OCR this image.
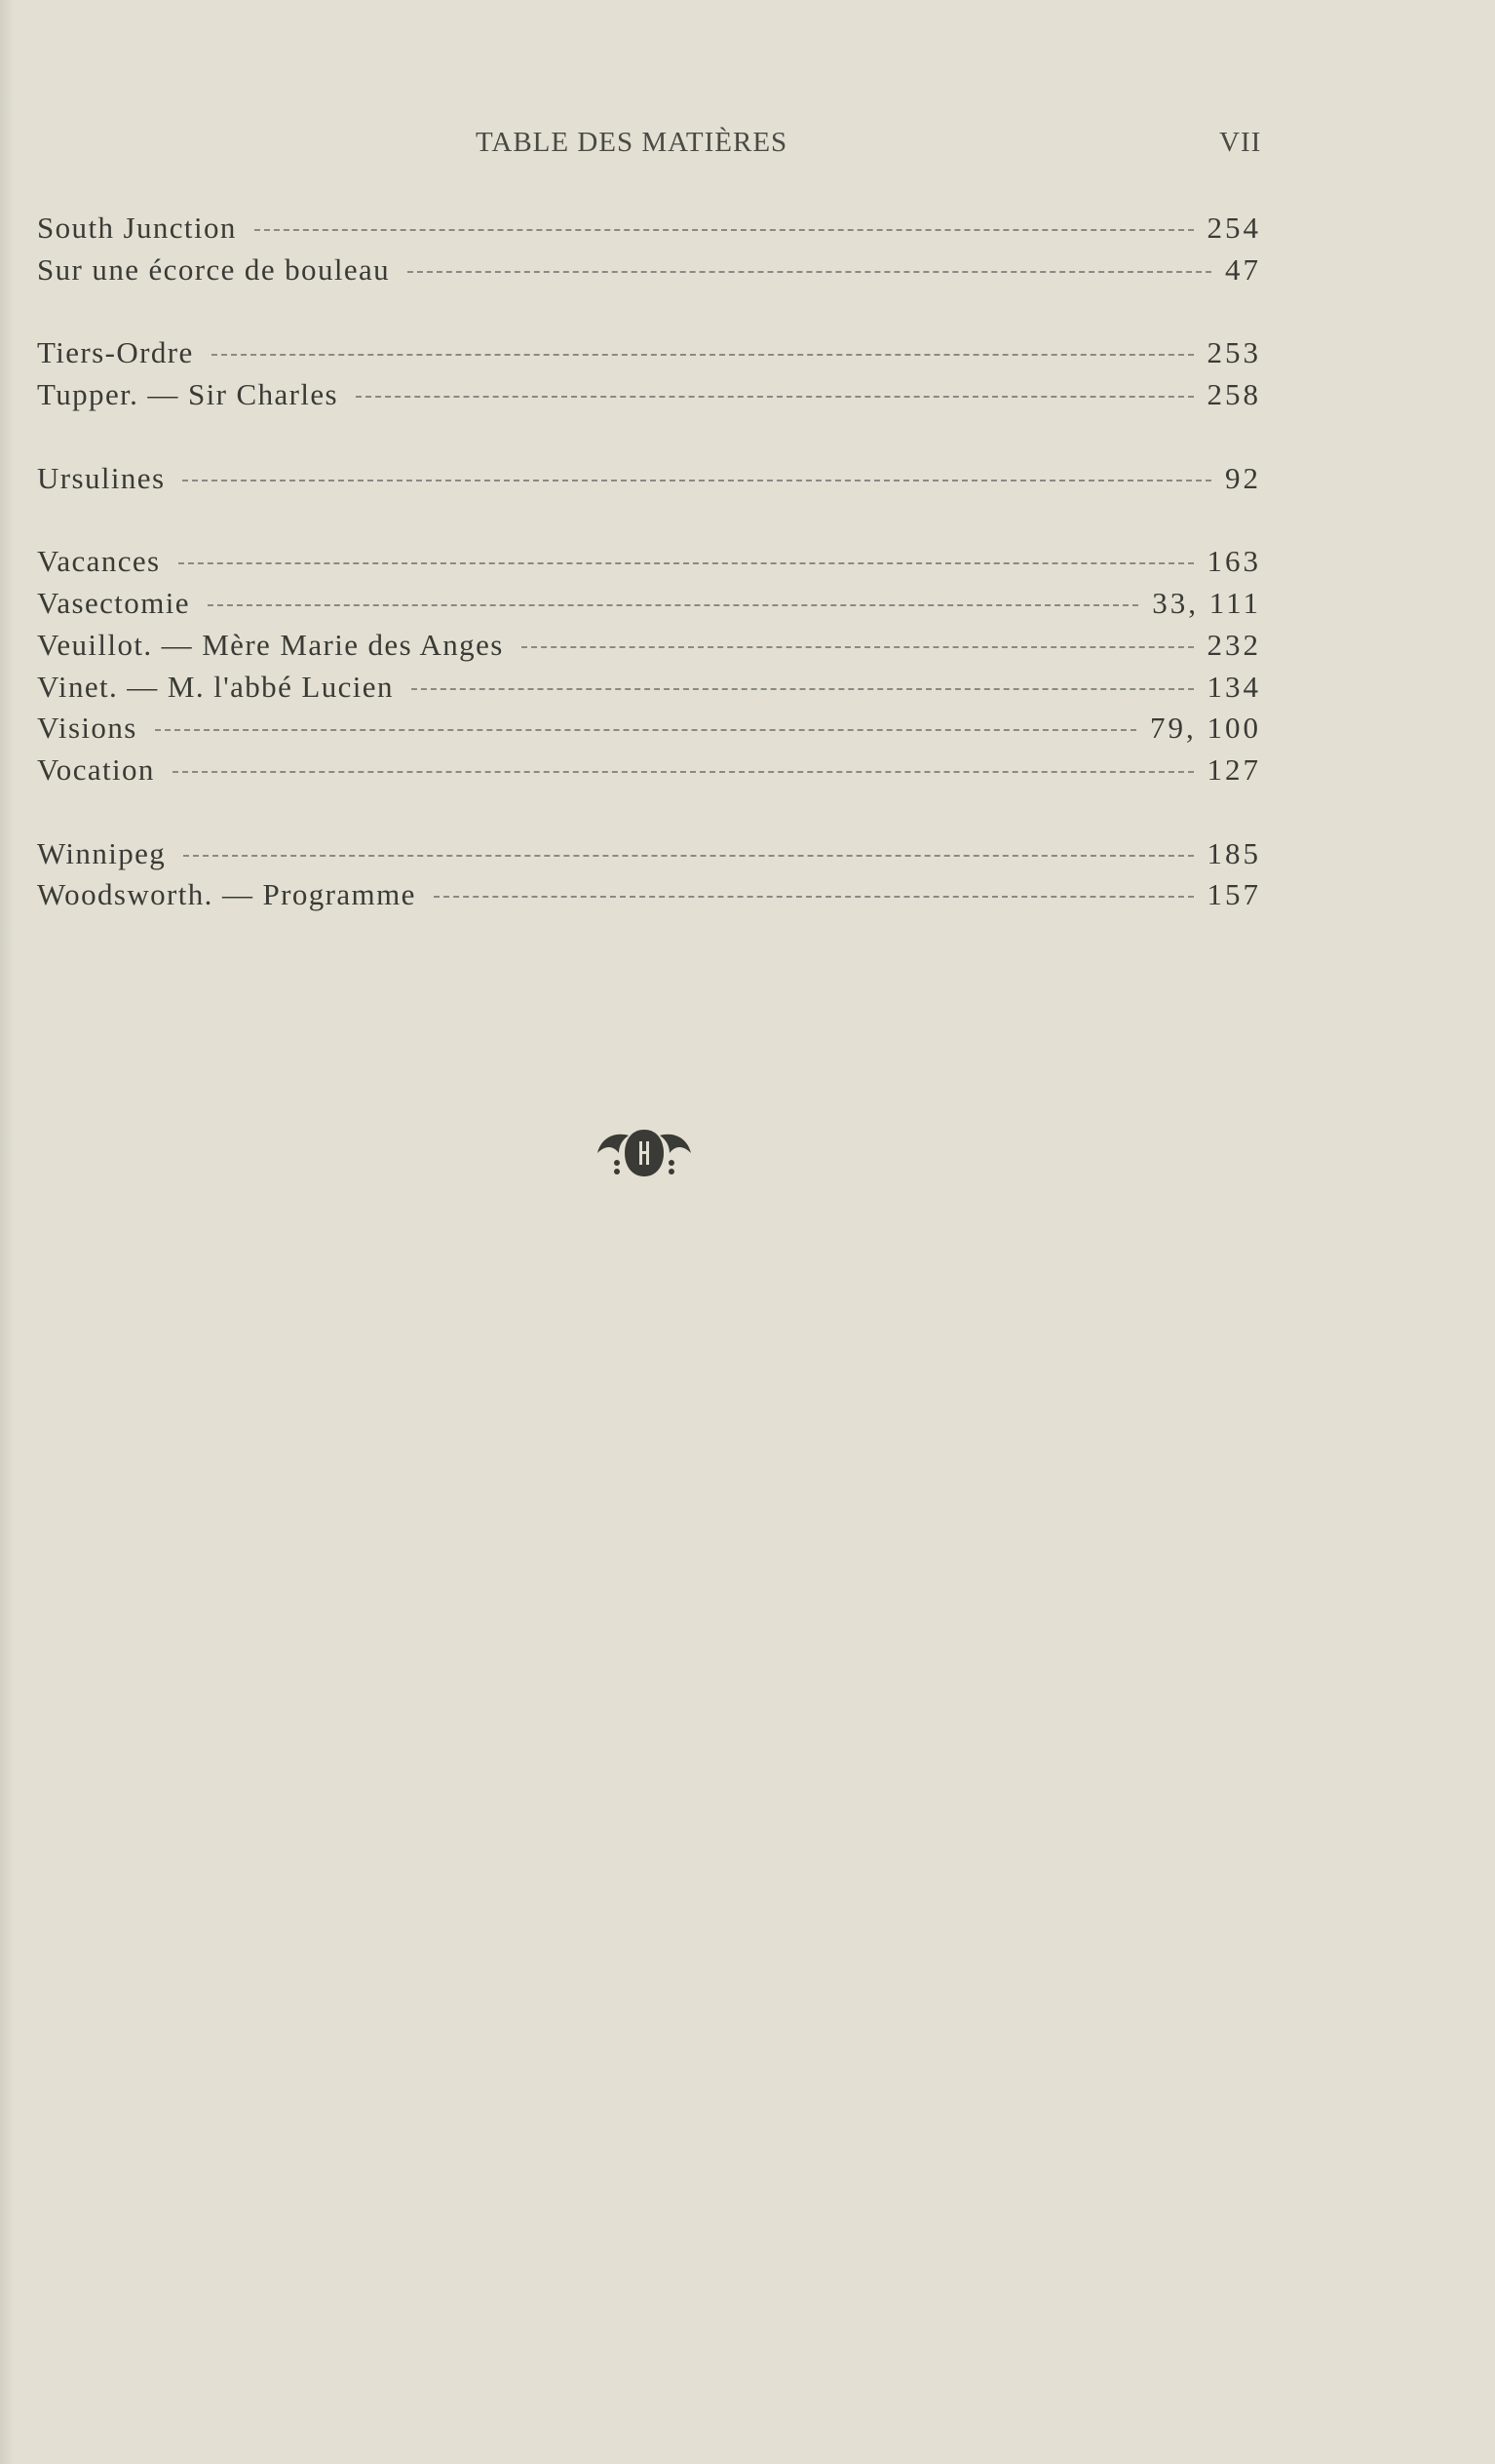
TABLE DES MATIÈRES	VII
South Junction	254
Sur une écorce de bouleau	47
Tiers-Ordre	253
Tupper. — Sir Charles	258
Ursulines	92
Vacances	163
Vasectomie	33, 111
Veuillot. — Mère Marie des Anges	232
Vinet. — M. l'abbé Lucien	134
Visions	79, 100
Vocation	127
Winnipeg	185
Woodsworth. — Programme	157
